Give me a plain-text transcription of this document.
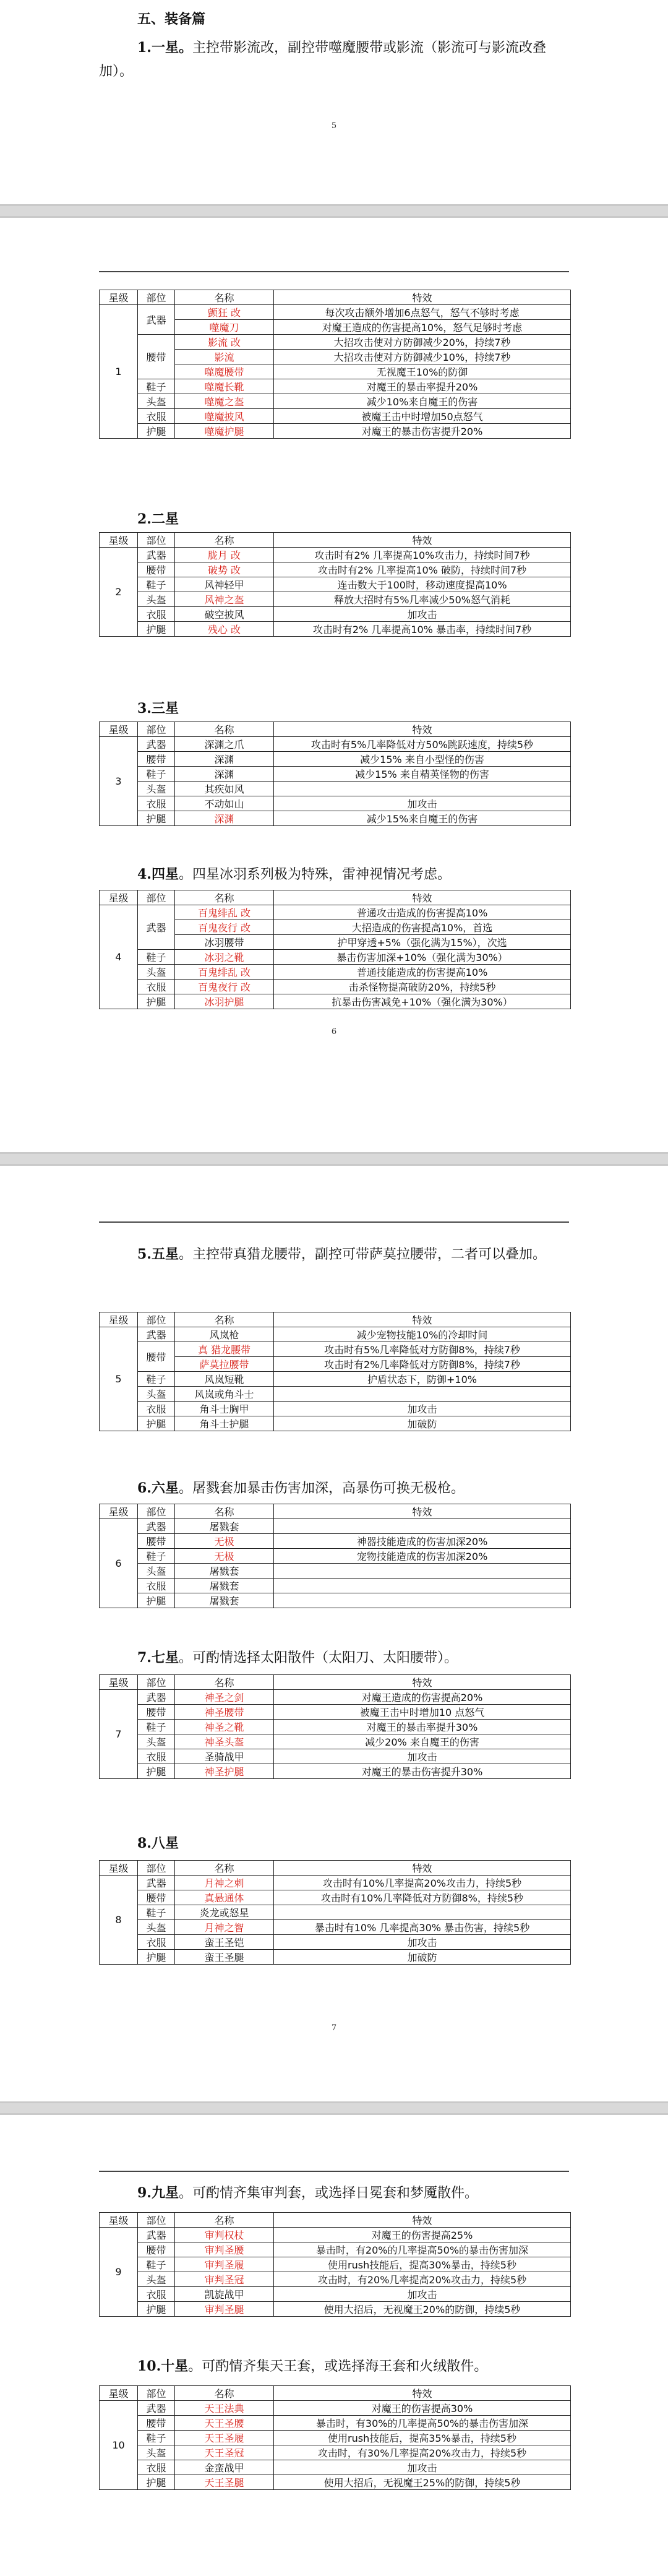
五、装备篇
1.一星。主控带影流改，副控带噬魔腰带或影流（影流可与影流改叠加）。
5
星级	部位	名称	特效
1	武器	颤狂 改	每次攻击额外增加6点怒气，怒气不够时考虑
		噬魔刀	对魔王造成的伤害提高10%，怒气足够时考虑
	腰带	影流 改	大招攻击使对方防御减少20%，持续7秒
		影流	大招攻击使对方防御减少10%，持续7秒
		噬魔腰带	无视魔王10%的防御
	鞋子	噬魔长靴	对魔王的暴击率提升20%
	头盔	噬魔之盔	减少10%来自魔王的伤害
	衣服	噬魔披风	被魔王击中时增加50点怒气
	护腿	噬魔护腿	对魔王的暴击伤害提升20%
2.二星
星级	部位	名称	特效
2	武器	胧月 改	攻击时有2% 几率提高10%攻击力，持续时间7秒
	腰带	破势 改	攻击时有2% 几率提高10% 破防，持续时间7秒
	鞋子	风神轻甲	连击数大于100时，移动速度提高10%
	头盔	风神之盔	释放大招时有5%几率减少50%怒气消耗
	衣服	破空披风	加攻击
	护腿	残心 改	攻击时有2% 几率提高10% 暴击率，持续时间7秒
3.三星
星级	部位	名称	特效
3	武器	深渊之爪	攻击时有5%几率降低对方50%跳跃速度，持续5秒
	腰带	深渊	减少15% 来自小型怪的伤害
	鞋子	深渊	减少15% 来自精英怪物的伤害
	头盔	其疾如风	
	衣服	不动如山	加攻击
	护腿	深渊	减少15%来自魔王的伤害
4.四星。四星冰羽系列极为特殊，雷神视情况考虑。
星级	部位	名称	特效
4	武器	百鬼绯乱 改	普通攻击造成的伤害提高10%
		百鬼夜行 改	大招造成的伤害提高10%，首选
		冰羽腰带	护甲穿透+5%（强化满为15%），次选
	鞋子	冰羽之靴	暴击伤害加深+10%（强化满为30%）
	头盔	百鬼绯乱 改	普通技能造成的伤害提高10%
	衣服	百鬼夜行 改	击杀怪物提高破防20%，持续5秒
	护腿	冰羽护腿	抗暴击伤害减免+10%（强化满为30%）
6
5.五星。主控带真猎龙腰带，副控可带萨莫拉腰带，二者可以叠加。
星级	部位	名称	特效
5	武器	风岚枪	减少宠物技能10%的冷却时间
	腰带	真 猎龙腰带	攻击时有5%几率降低对方防御8%，持续7秒
		萨莫拉腰带	攻击时有2%几率降低对方防御8%，持续7秒
	鞋子	风岚短靴	护盾状态下，防御+10%
	头盔	风岚或角斗士	
	衣服	角斗士胸甲	加攻击
	护腿	角斗士护腿	加破防
6.六星。屠戮套加暴击伤害加深，高暴伤可换无极枪。
星级	部位	名称	特效
6	武器	屠戮套	
	腰带	无极	神器技能造成的伤害加深20%
	鞋子	无极	宠物技能造成的伤害加深20%
	头盔	屠戮套	
	衣服	屠戮套	
	护腿	屠戮套	
7.七星。可酌情选择太阳散件（太阳刀、太阳腰带）。
星级	部位	名称	特效
7	武器	神圣之剑	对魔王造成的伤害提高20%
	腰带	神圣腰带	被魔王击中时增加10 点怒气
	鞋子	神圣之靴	对魔王的暴击率提升30%
	头盔	神圣头盔	减少20% 来自魔王的伤害
	衣服	圣骑战甲	加攻击
	护腿	神圣护腿	对魔王的暴击伤害提升30%
8.八星
星级	部位	名称	特效
8	武器	月神之刺	攻击时有10%几率提高20%攻击力，持续5秒
	腰带	真悬通体	攻击时有10%几率降低对方防御8%，持续5秒
	鞋子	炎龙或怒星	
	头盔	月神之智	暴击时有10% 几率提高30% 暴击伤害，持续5秒
	衣服	蛮王圣铠	加攻击
	护腿	蛮王圣腿	加破防
7
9.九星。可酌情齐集审判套，或选择日冕套和梦魇散件。
星级	部位	名称	特效
9	武器	审判权杖	对魔王的伤害提高25%
	腰带	审判圣腰	暴击时，有20%的几率提高50%的暴击伤害加深
	鞋子	审判圣履	使用rush技能后，提高30%暴击，持续5秒
	头盔	审判圣冠	攻击时，有20%几率提高20%攻击力，持续5秒
	衣服	凯旋战甲	加攻击
	护腿	审判圣腿	使用大招后，无视魔王20%的防御，持续5秒
10.十星。可酌情齐集天王套，或选择海王套和火绒散件。
星级	部位	名称	特效
10	武器	天王法典	对魔王的伤害提高30%
	腰带	天王圣腰	暴击时，有30%的几率提高50%的暴击伤害加深
	鞋子	天王圣履	使用rush技能后，提高35%暴击，持续5秒
	头盔	天王圣冠	攻击时，有30%几率提高20%攻击力，持续5秒
	衣服	金蛮战甲	加攻击
	护腿	天王圣腿	使用大招后，无视魔王25%的防御，持续5秒
